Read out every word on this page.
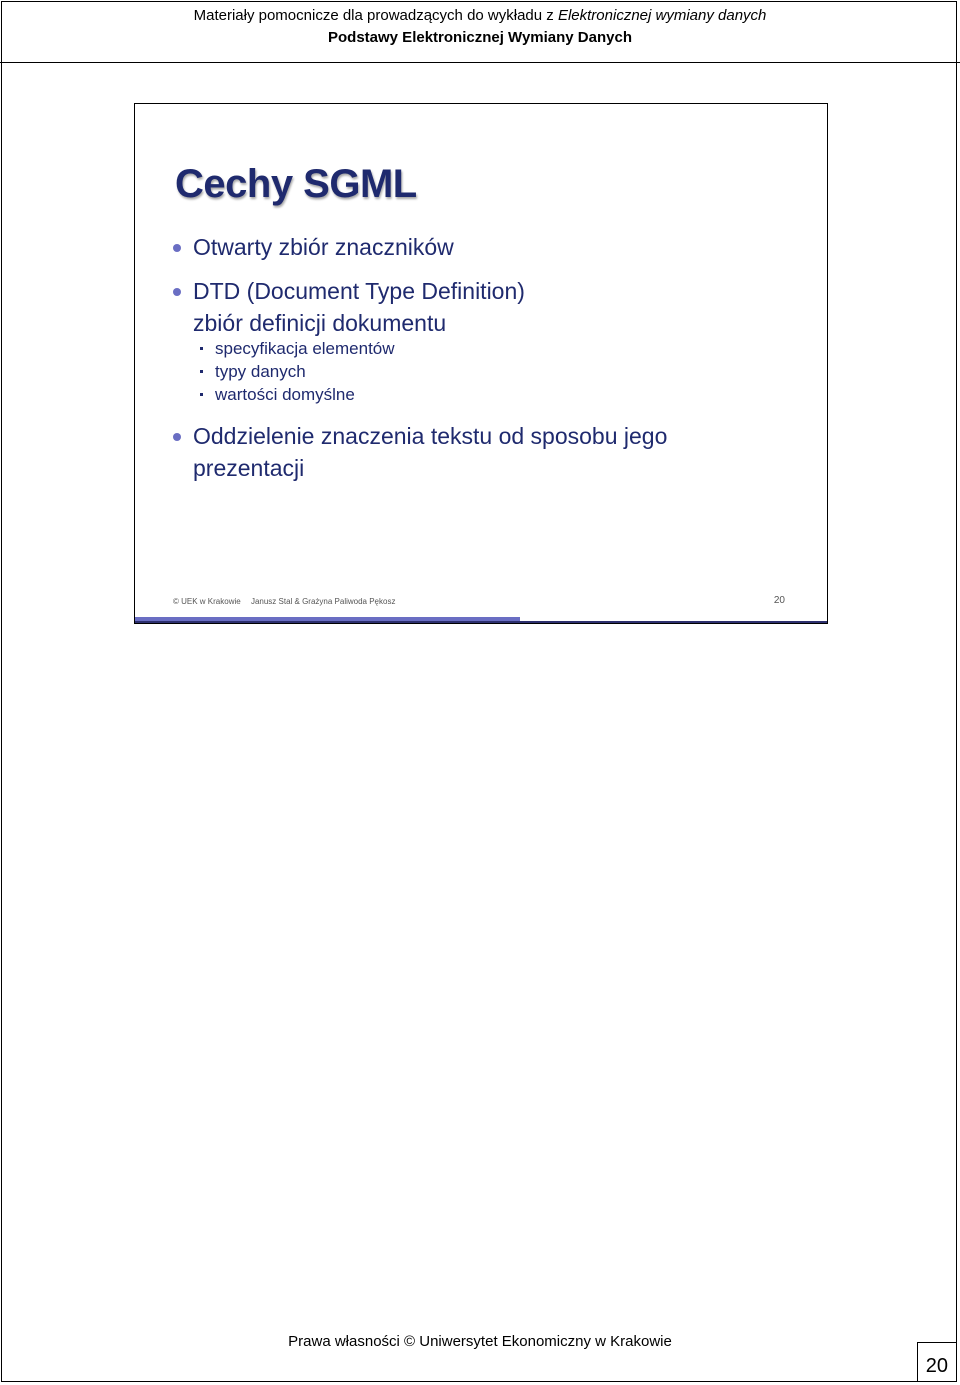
Materiały pomocnicze dla prowadzących do wykładu z Elektronicznej wymiany danych
Podstawy Elektronicznej Wymiany Danych
Cechy SGML
Otwarty zbiór znaczników
DTD (Document Type Definition)
zbiór definicji dokumentu
specyfikacja elementów
typy danych
wartości domyślne
Oddzielenie znaczenia tekstu od sposobu jego
prezentacji
© UEK w Krakowie Janusz Stal & Grażyna Paliwoda Pękosz	20
Prawa własności © Uniwersytet Ekonomiczny w Krakowie
20
